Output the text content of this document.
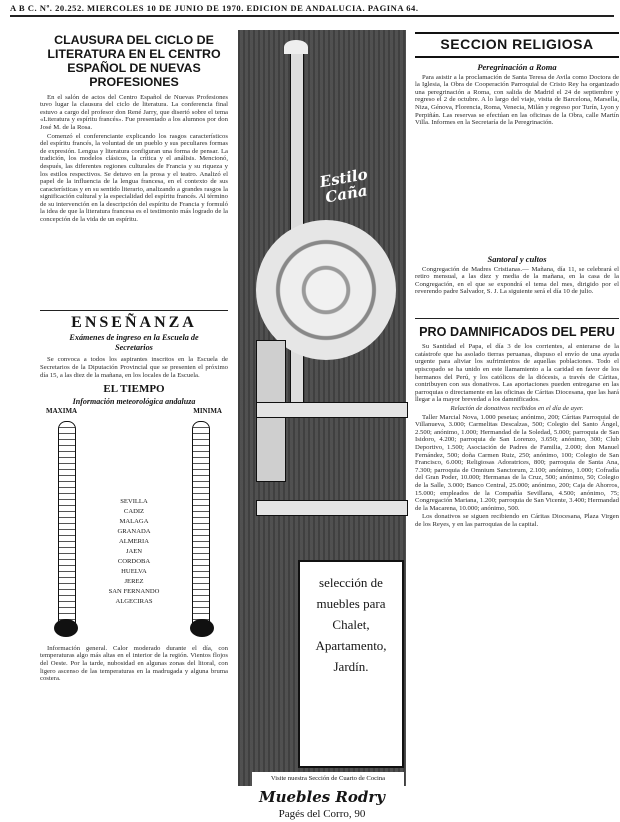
A B C. Nº. 20.252. MIERCOLES 10 DE JUNIO DE 1970. EDICION DE ANDALUCIA. PAGINA 64.
CLAUSURA DEL CICLO DE LITERATURA EN EL CENTRO ESPAÑOL DE NUEVAS PROFESIONES

En el salón de actos del Centro Español de Nuevas Profesiones tuvo lugar la clausura del ciclo de literatura. La conferencia final estuvo a cargo del profesor don René Jarry, que disertó sobre el tema «Literatura y espíritu francés». Fue presentado a los alumnos por don José M. de la Rosa.

Comenzó el conferenciante explicando los rasgos característicos del espíritu francés, la voluntad de un pueblo y sus peculiares formas de expresión. Lengua y literatura configuran una forma de pensar. La tradición, los modelos clásicos, la crítica y el análisis. Mencionó, después, las diferentes regiones culturales de Francia y su riqueza y los estilos respectivos. Se detuvo en la prosa y el teatro. Analizó el papel de la influencia de la lengua francesa, en el contexto de sus características y en su sentido literario, analizando a grandes rasgos la significación cultural y la especialidad del espíritu francés. Al término de su intervención en la descripción del espíritu de Francia y formuló la idea de que la literatura francesa es el testimonio más logrado de la concepción de la vida de un espíritu.

ENSEÑANZA
Exámenes de ingreso en la Escuela de Secretarios

Se convoca a todos los aspirantes inscritos en la Escuela de Secretarios de la Diputación Provincial que se presenten el próximo día 15, a las diez de la mañana, en los locales de la Escuela.

EL TIEMPO
Información meteorológica andaluza
MAXIMA	MINIMA
SEVILLA
CADIZ
MALAGA
GRANADA
ALMERIA
JAEN
CORDOBA
HUELVA
JEREZ
SAN FERNANDO
ALGECIRAS

Información general. Calor moderado durante el día, con temperaturas algo más altas en el interior de la región. Vientos flojos del Oeste. Por la tarde, nubosidad en algunas zonas del litoral, con ligero ascenso de las temperaturas en la madrugada y alguna bruma costera.

Estilo Caña
selección de
muebles para
Chalet,
Apartamento,
Jardín.
Visite nuestra Sección de Cuarto de Cocina
Muebles Rodry
Pagés del Corro, 90
SECCION RELIGIOSA
Peregrinación a Roma

Para asistir a la proclamación de Santa Teresa de Avila como Doctora de la Iglesia, la Obra de Cooperación Parroquial de Cristo Rey ha organizado una peregrinación a Roma, con salida de Madrid el 24 de septiembre y regreso el 2 de octubre. A lo largo del viaje, visita de Barcelona, Marsella, Niza, Génova, Florencia, Roma, Venecia, Milán y regreso por Turín, Lyon y Perpiñán. Las reservas se efectúan en las oficinas de la Obra, calle Martín Villa. Informes en la Secretaría de la Peregrinación.

Santoral y cultos

Congregación de Madres Cristianas.— Mañana, día 11, se celebrará el retiro mensual, a las diez y media de la mañana, en la casa de la Congregación, en el que se expondrá el tema del mes, dirigido por el reverendo padre Salvador, S. J. La siguiente será el día 10 de julio.

PRO DAMNIFICADOS DEL PERU

Su Santidad el Papa, el día 3 de los corrientes, al enterarse de la catástrofe que ha asolado tierras peruanas, dispuso el envío de una ayuda urgente para aliviar los sufrimientos de aquellas poblaciones. Todo el episcopado se ha unido en este llamamiento a la caridad en favor de los hermanos del Perú, y los católicos de la diócesis, a través de Cáritas, contribuyen con sus donativos. Las aportaciones pueden entregarse en las parroquias o directamente en las oficinas de Cáritas Diocesana, que las hará llegar a la mayor brevedad a los damnificados.

Relación de donativos recibidos en el día de ayer.

Taller Marcial Nova, 1.000 pesetas; anónimo, 200; Cáritas Parroquial de Villanueva, 3.000; Carmelitas Descalzas, 500; Colegio del Santo Ángel, 2.500; anónimo, 1.000; Hermandad de la Soledad, 5.000; parroquia de San Isidoro, 4.200; parroquia de San Lorenzo, 3.650; anónimo, 300; Club Deportivo, 1.500; Asociación de Padres de Familia, 2.000; don Manuel Fernández, 500; doña Carmen Ruiz, 250; anónimo, 100; Colegio de San Francisco, 6.000; Religiosas Adoratrices, 800; parroquia de Santa Ana, 7.300; parroquia de Omnium Sanctorum, 2.100; anónimo, 1.000; Cofradía del Gran Poder, 10.000; Hermanas de la Cruz, 500; anónimo, 50; Colegio de la Salle, 3.000; Banco Central, 25.000; anónimo, 200; Caja de Ahorros, 15.000; empleados de la Compañía Sevillana, 4.500; anónimo, 75; Congregación Mariana, 1.200; parroquia de San Vicente, 3.400; Hermandad de la Macarena, 10.000; anónimo, 500.

Los donativos se siguen recibiendo en Cáritas Diocesana, Plaza Virgen de los Reyes, y en las parroquias de la capital.
